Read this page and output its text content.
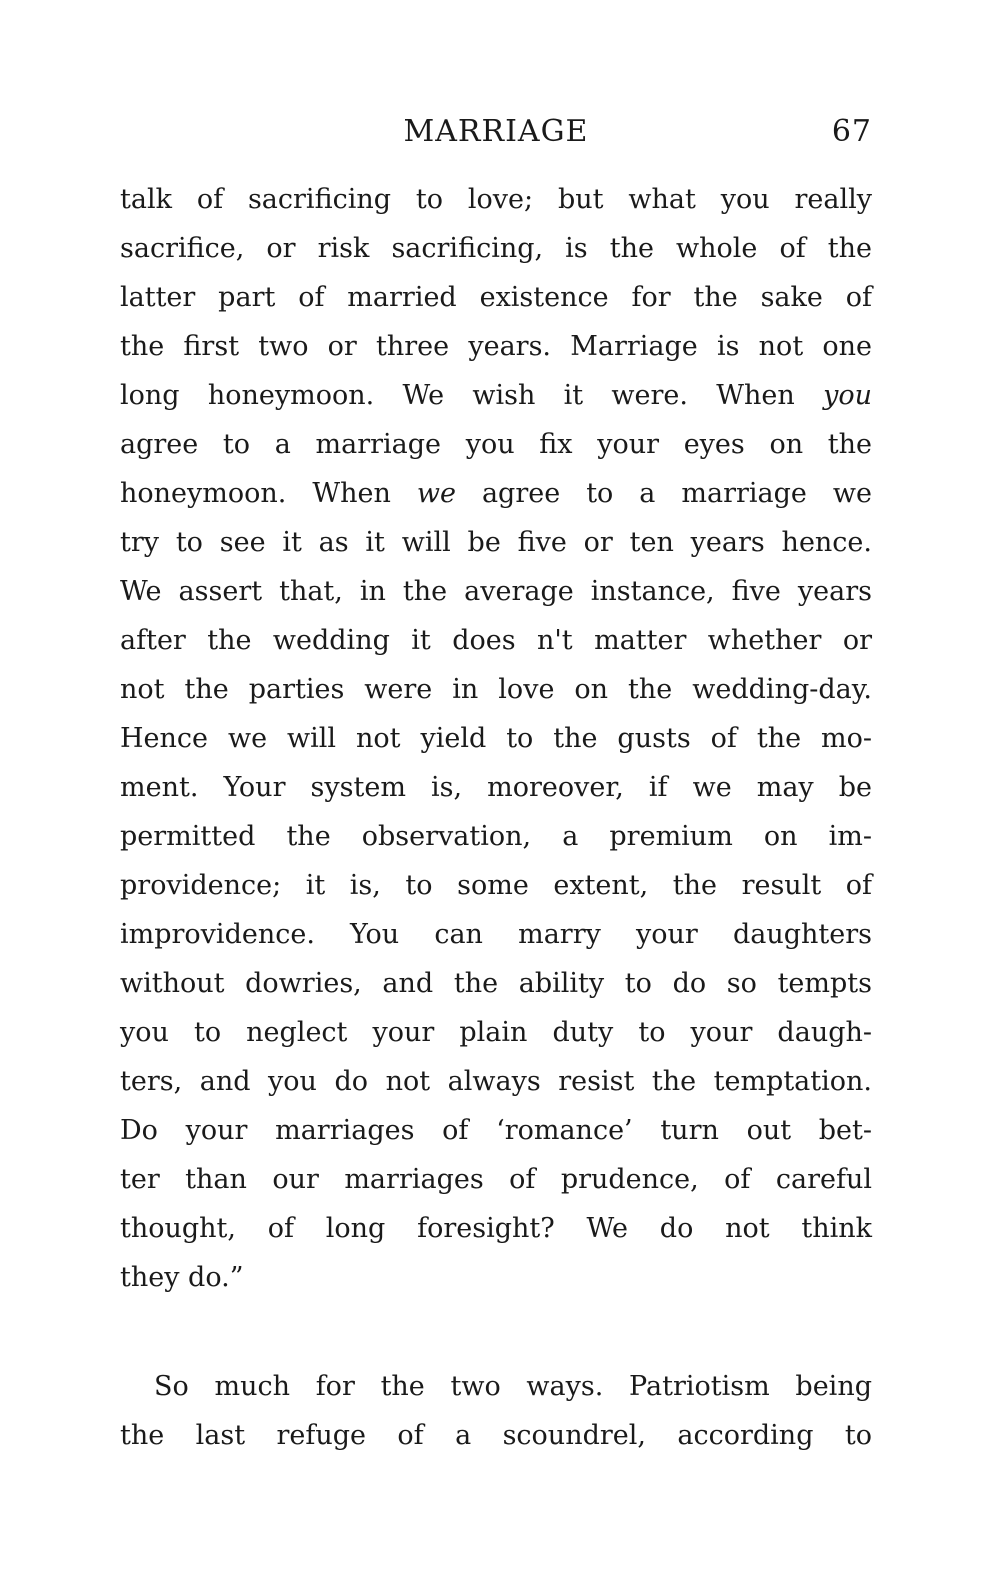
MARRIAGE	67
talk of sacrificing to love; but what you really
sacrifice, or risk sacrificing, is the whole of the
latter part of married existence for the sake of
the first two or three years. Marriage is not one
long honeymoon. We wish it were. When you
agree to a marriage you fix your eyes on the
honeymoon. When we agree to a marriage we
try to see it as it will be five or ten years hence.
We assert that, in the average instance, five years
after the wedding it does n't matter whether or
not the parties were in love on the wedding-day.
Hence we will not yield to the gusts of the mo-
ment. Your system is, moreover, if we may be
permitted the observation, a premium on im-
providence; it is, to some extent, the result of
improvidence. You can marry your daughters
without dowries, and the ability to do so tempts
you to neglect your plain duty to your daugh-
ters, and you do not always resist the temptation.
Do your marriages of ‘romance’ turn out bet-
ter than our marriages of prudence, of careful
thought, of long foresight? We do not think
they do.”
So much for the two ways. Patriotism being
the last refuge of a scoundrel, according to
